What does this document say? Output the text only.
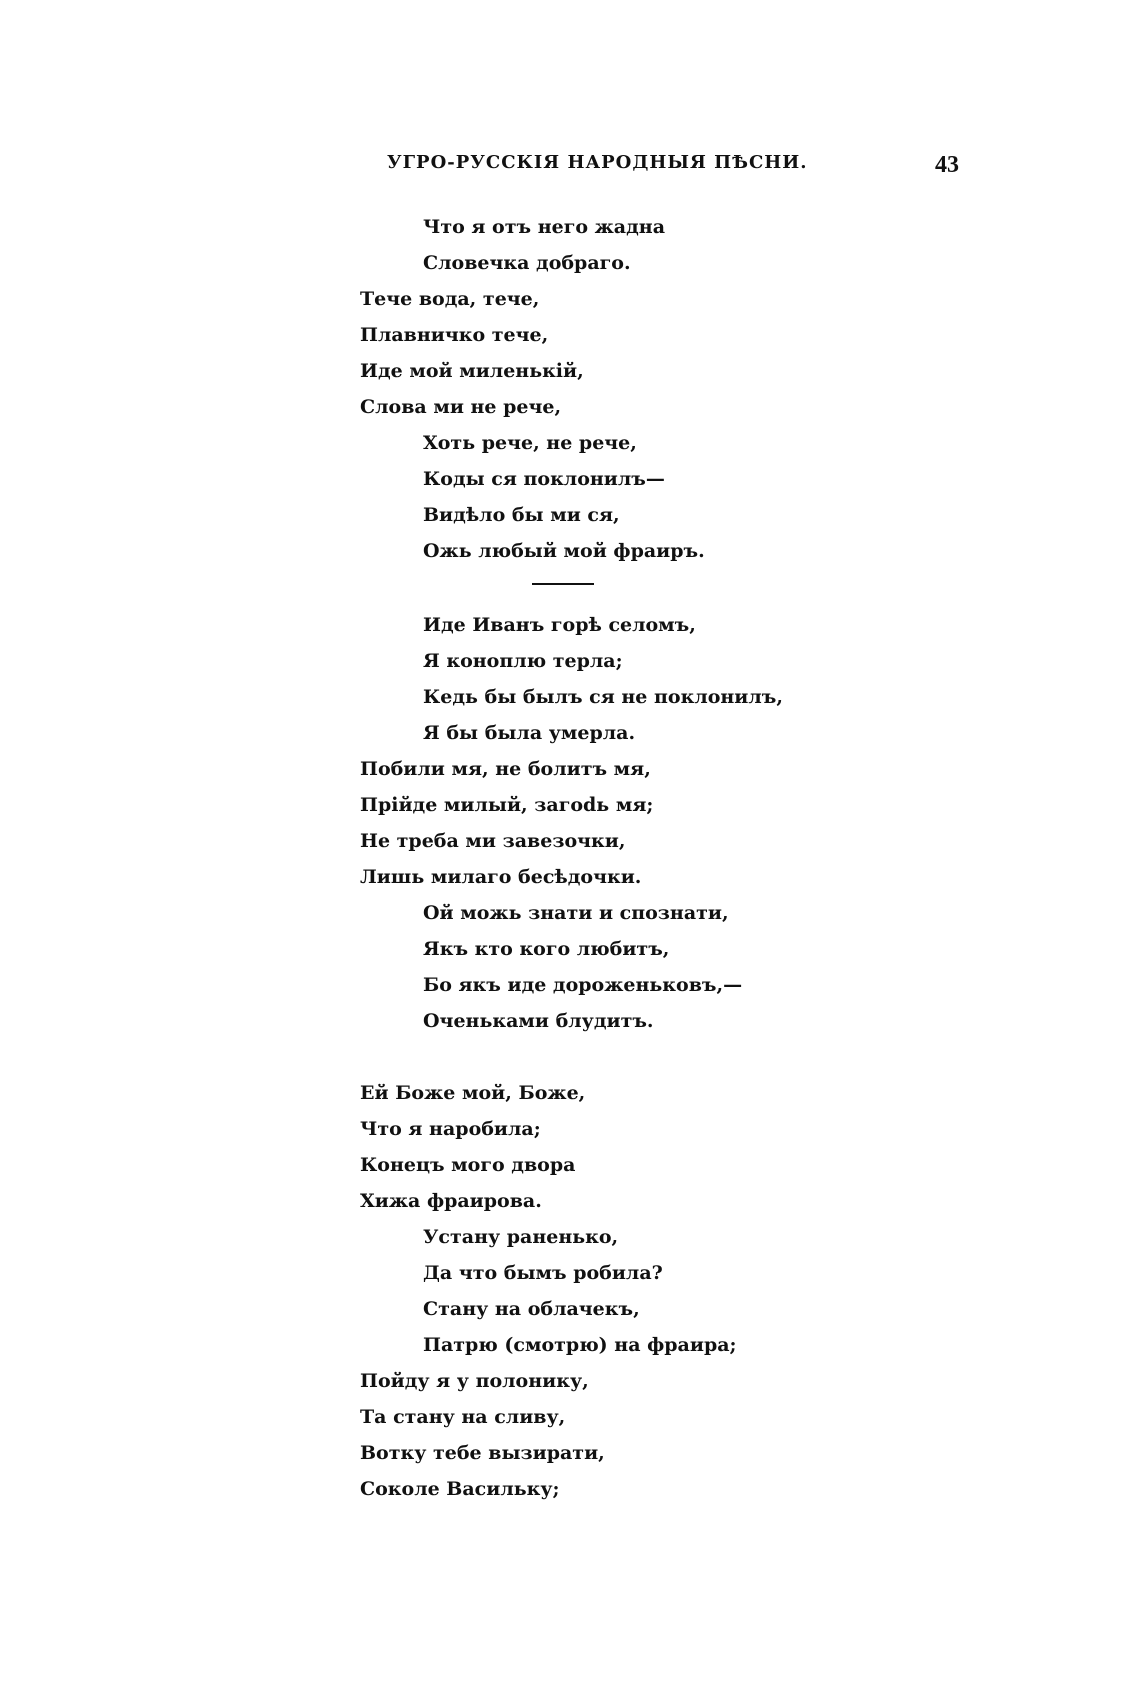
УГРО-РУССКІЯ НАРОДНЫЯ ПѢСНИ.	43
Что я отъ него жадна
Словечка добраго.
Тече вода, тече,
Плавничко тече,
Иде мой миленькій,
Слова ми не рече,
Хоть рече, не рече,
Коды ся поклонилъ—
Видѣло бы ми ся,
Ожь любый мой фраиръ.
Иде Иванъ горѣ селомъ,
Я коноплю терла;
Кедь бы былъ ся не поклонилъ,
Я бы была умерла.
Побили мя, не болитъ мя,
Прійде милый, загоdь мя;
Не треба ми завезочки,
Лишь милаго бесѣдочки.
Ой можь знати и спознати,
Якъ кто кого любитъ,
Бо якъ иде дороженьковъ,—
Оченьками блудитъ.
Ей Боже мой, Боже,
Что я наробила;
Конецъ мого двора
Хижа фраирова.
Устану раненько,
Да что бымъ робила?
Стану на облачекъ,
Патрю (смотрю) на фраира;
Пойду я у полонику,
Та стану на сливу,
Вотку тебе вызирати,
Соколе Васильку;
